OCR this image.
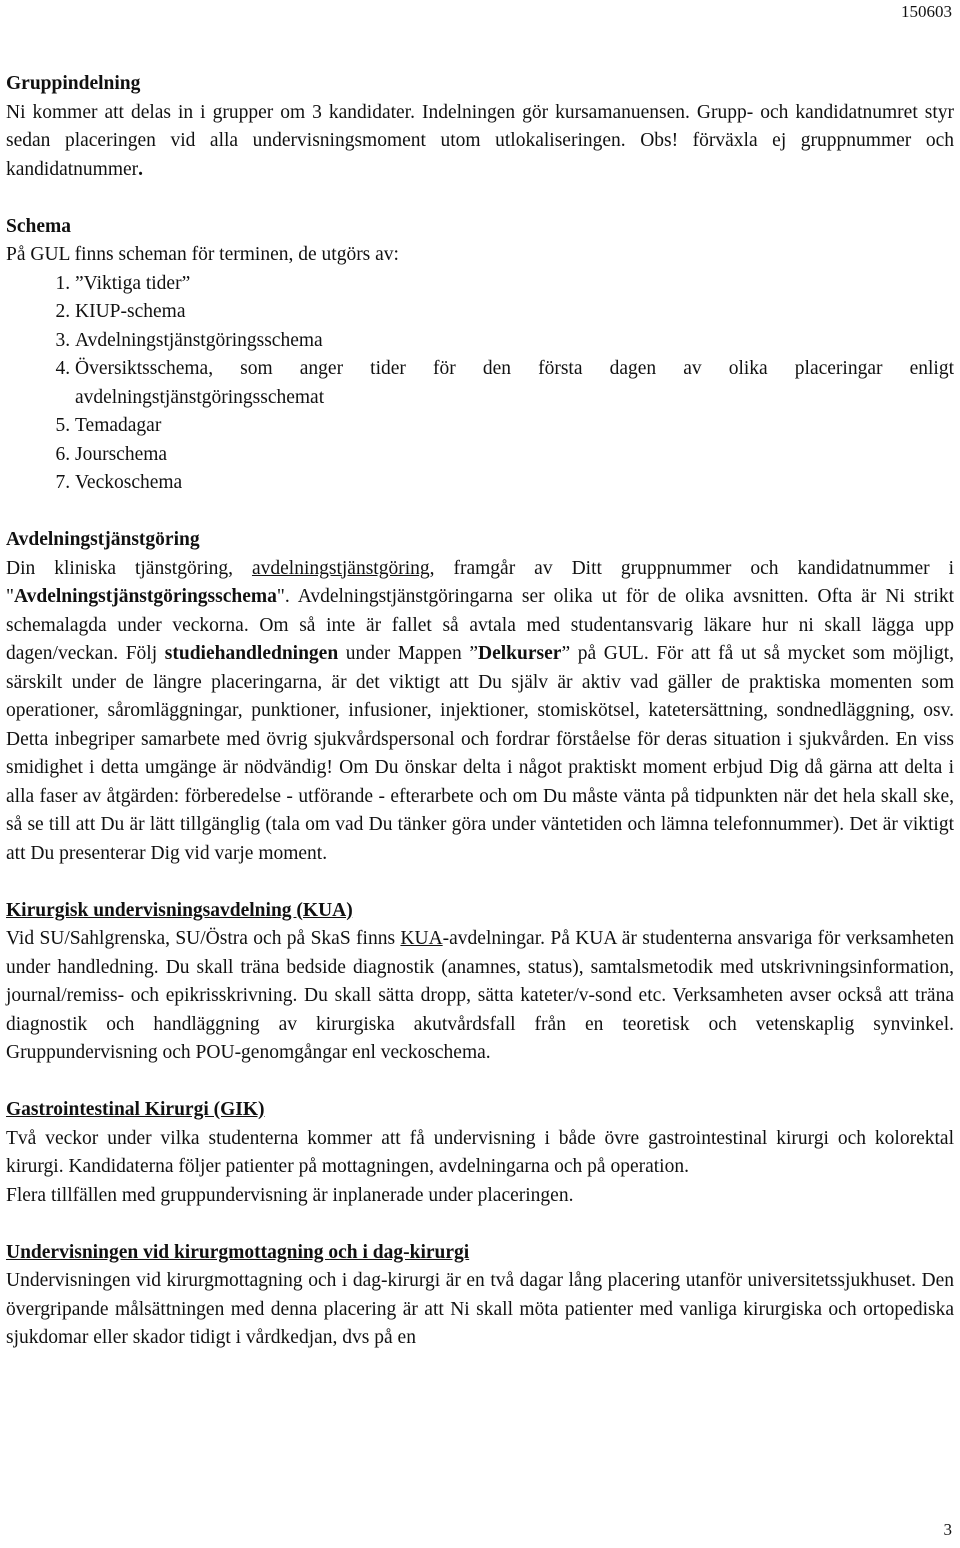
150603
Gruppindelning

Ni kommer att delas in i grupper om 3 kandidater. Indelningen gör kursamanuensen. Grupp- och kandidatnumret styr sedan placeringen vid alla undervisningsmoment utom utlokaliseringen. Obs! förväxla ej gruppnummer och kandidatnummer.

Schema

På GUL finns scheman för terminen, de utgörs av:

1. ”Viktiga tider”
2. KIUP-schema
3. Avdelningstjänstgöringsschema
4. Översiktsschema, som anger tider för den första dagen av olika placeringar enligt avdelningstjänstgöringsschemat
5. Temadagar
6. Jourschema
7. Veckoschema
Avdelningstjänstgöring

Din kliniska tjänstgöring, avdelningstjänstgöring, framgår av Ditt gruppnummer och kandidatnummer i "Avdelningstjänstgöringsschema". Avdelningstjänstgöringarna ser olika ut för de olika avsnitten. Ofta är Ni strikt schemalagda under veckorna. Om så inte är fallet så avtala med studentansvarig läkare hur ni skall lägga upp dagen/veckan. Följ studiehandledningen under Mappen ”Delkurser” på GUL. För att få ut så mycket som möjligt, särskilt under de längre placeringarna, är det viktigt att Du själv är aktiv vad gäller de praktiska momenten som operationer, såromläggningar, punktioner, infusioner, injektioner, stomiskötsel, katetersättning, sondnedläggning, osv. Detta inbegriper samarbete med övrig sjukvårdspersonal och fordrar förståelse för deras situation i sjukvården. En viss smidighet i detta umgänge är nödvändig! Om Du önskar delta i något praktiskt moment erbjud Dig då gärna att delta i alla faser av åtgärden: förberedelse - utförande - efterarbete och om Du måste vänta på tidpunkten när det hela skall ske, så se till att Du är lätt tillgänglig (tala om vad Du tänker göra under väntetiden och lämna telefonnummer). Det är viktigt att Du presenterar Dig vid varje moment.

Kirurgisk undervisningsavdelning (KUA)

Vid SU/Sahlgrenska, SU/Östra och på SkaS finns KUA-avdelningar. På KUA är studenterna ansvariga för verksamheten under handledning. Du skall träna bedside diagnostik (anamnes, status), samtalsmetodik med utskrivningsinformation, journal/remiss- och epikrisskrivning. Du skall sätta dropp, sätta kateter/v-sond etc. Verksamheten avser också att träna diagnostik och handläggning av kirurgiska akutvårdsfall från en teoretisk och vetenskaplig synvinkel. Gruppundervisning och POU-genomgångar enl veckoschema.

Gastrointestinal Kirurgi (GIK)

Två veckor under vilka studenterna kommer att få undervisning i både övre gastrointestinal kirurgi och kolorektal kirurgi. Kandidaterna följer patienter på mottagningen, avdelningarna och på operation.

Flera tillfällen med gruppundervisning är inplanerade under placeringen.

Undervisningen vid kirurgmottagning och i dag-kirurgi

Undervisningen vid kirurgmottagning och i dag-kirurgi är en två dagar lång placering utanför universitetssjukhuset. Den övergripande målsättningen med denna placering är att Ni skall möta patienter med vanliga kirurgiska och ortopediska sjukdomar eller skador tidigt i vårdkedjan, dvs på en

3
